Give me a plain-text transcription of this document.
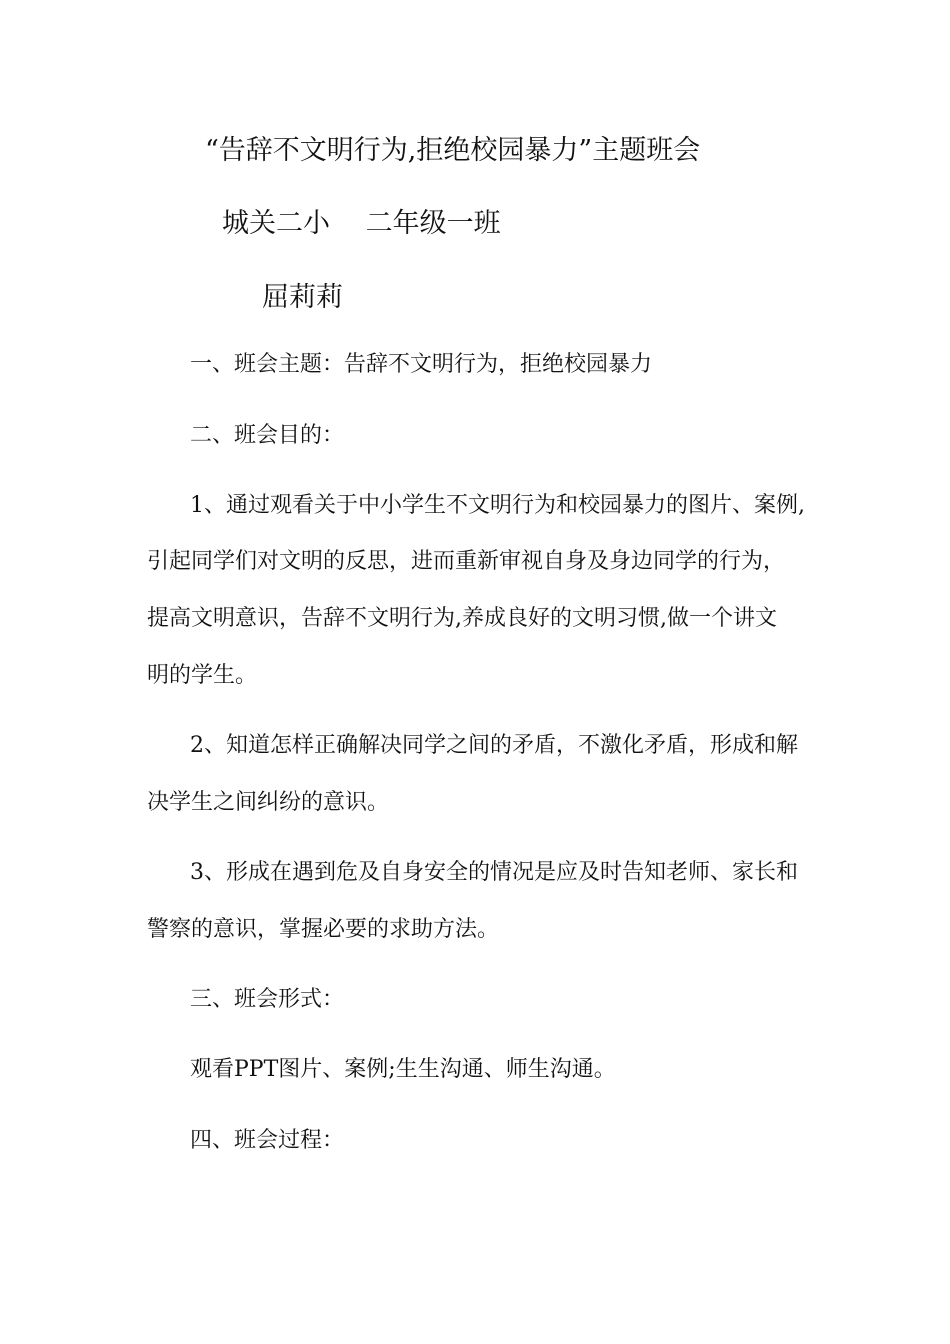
“告辞不文明行为,拒绝校园暴力”主题班会
城关二小　 二年级一班
屈莉莉
一、班会主题：告辞不文明行为，拒绝校园暴力
二、班会目的：
1、通过观看关于中小学生不文明行为和校园暴力的图片、案例,
引起同学们对文明的反思，进而重新审视自身及身边同学的行为，
提高文明意识，告辞不文明行为,养成良好的文明习惯,做一个讲文
明的学生。
2、知道怎样正确解决同学之间的矛盾，不激化矛盾，形成和解
决学生之间纠纷的意识。
3、形成在遇到危及自身安全的情况是应及时告知老师、家长和
警察的意识，掌握必要的求助方法。
三、班会形式：
观看PPT图片、案例;生生沟通、师生沟通。
四、班会过程：
